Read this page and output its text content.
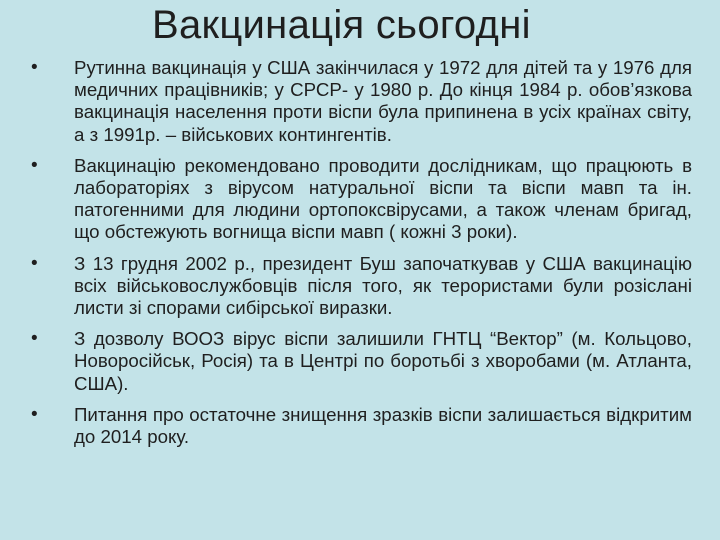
Вакцинація сьогодні
• Рутинна вакцинація у США закінчилася у 1972 для дітей та у 1976 для медичних працівників; у СРСР- у 1980 р. До кінця 1984 р. обов’язкова вакцинація населення проти віспи була припинена в усіх країнах світу, а з 1991р. – військових контингентів.
• Вакцинацію рекомендовано проводити дослідникам, що працюють в лабораторіях з вірусом натуральної віспи та віспи мавп та ін. патогенними для людини ортопоксвірусами, а також членам бригад, що обстежують вогнища віспи мавп ( кожні 3 роки).
• З 13 грудня 2002 р., президент Буш започаткував у США вакцинацію всіх військовослужбовців після того, як терористами були розіслані листи зі спорами сибірської виразки.
• З дозволу ВООЗ вірус віспи залишили ГНТЦ “Вектор” (м. Кольцово, Новоросійськ, Росія) та в Центрі по боротьбі з хворобами (м. Атланта, США).
• Питання про остаточне знищення зразків віспи залишається відкритим до 2014 року.
